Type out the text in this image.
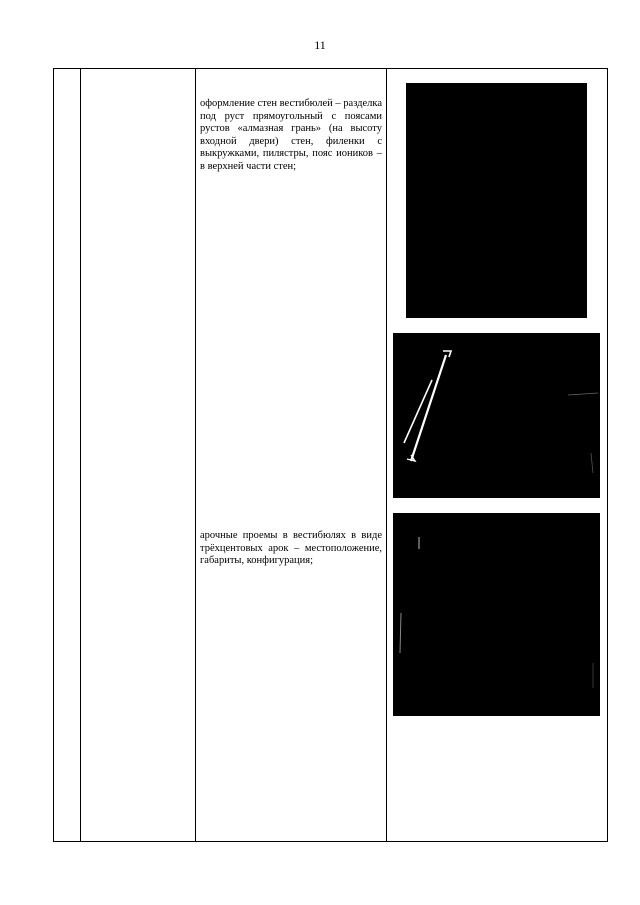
11
оформление стен вестибюлей – разделка под руст прямоугольный с поясами рустов «алмазная грань» (на высоту входной двери) стен, филенки с выкружками, пилястры, пояс иоников – в верхней части стен;
арочные проемы в вестибюлях в виде трёхцентовых арок – местоположение, габариты, конфигурация;
